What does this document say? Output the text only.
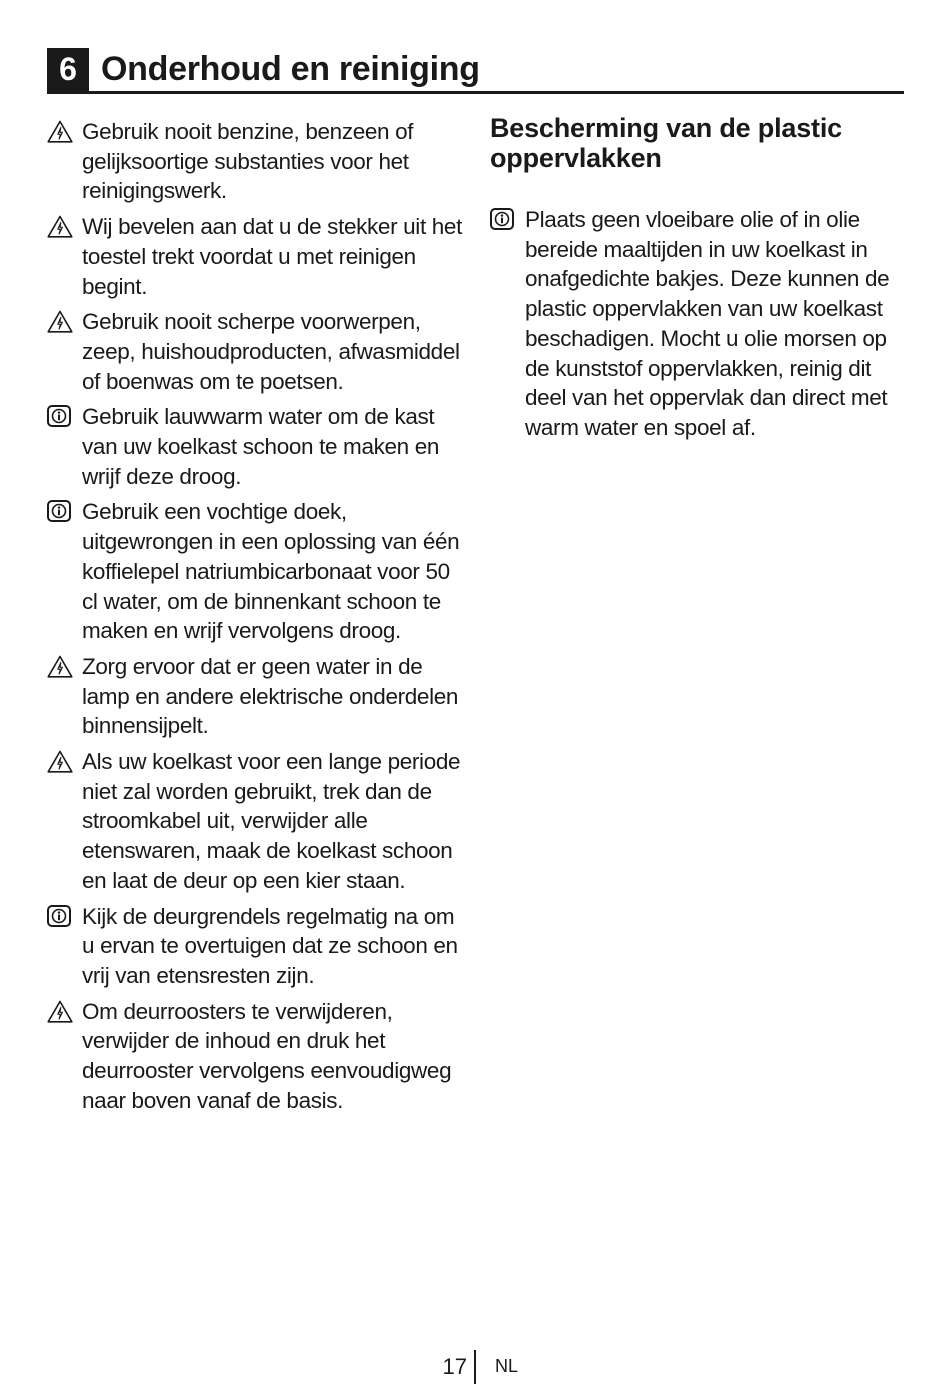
6 Onderhoud en reiniging
Gebruik nooit benzine, benzeen of gelijksoortige substanties voor het reinigingswerk.
Wij bevelen aan dat u de stekker uit het toestel trekt voordat u met reinigen begint.
Gebruik nooit scherpe voorwerpen, zeep, huishoudproducten, afwasmiddel of boenwas om te poetsen.
Gebruik lauwwarm water om de kast van uw koelkast schoon te maken en wrijf deze droog.
Gebruik een vochtige doek, uitgewrongen in een oplossing van één koffielepel natriumbicarbonaat voor 50 cl water, om de binnenkant schoon te maken en wrijf vervolgens droog.
Zorg ervoor dat er geen water in de lamp en andere elektrische onderdelen binnensijpelt.
Als uw koelkast voor een lange periode niet zal worden gebruikt, trek dan de stroomkabel uit, verwijder alle etenswaren, maak de koelkast schoon en laat de deur op een kier staan.
Kijk de deurgrendels regelmatig na om u ervan te overtuigen dat ze schoon en vrij van etensresten zijn.
Om deurroosters te verwijderen, verwijder de inhoud en druk het deurrooster vervolgens eenvoudigweg naar boven vanaf de basis.
Bescherming van de plastic oppervlakken
Plaats geen vloeibare olie of in olie bereide maaltijden in uw koelkast in onafgedichte bakjes. Deze kunnen de plastic oppervlakken van uw koelkast beschadigen. Mocht u olie morsen op de kunststof oppervlakken, reinig dit deel van het oppervlak dan direct met warm water en spoel af.
17 NL
